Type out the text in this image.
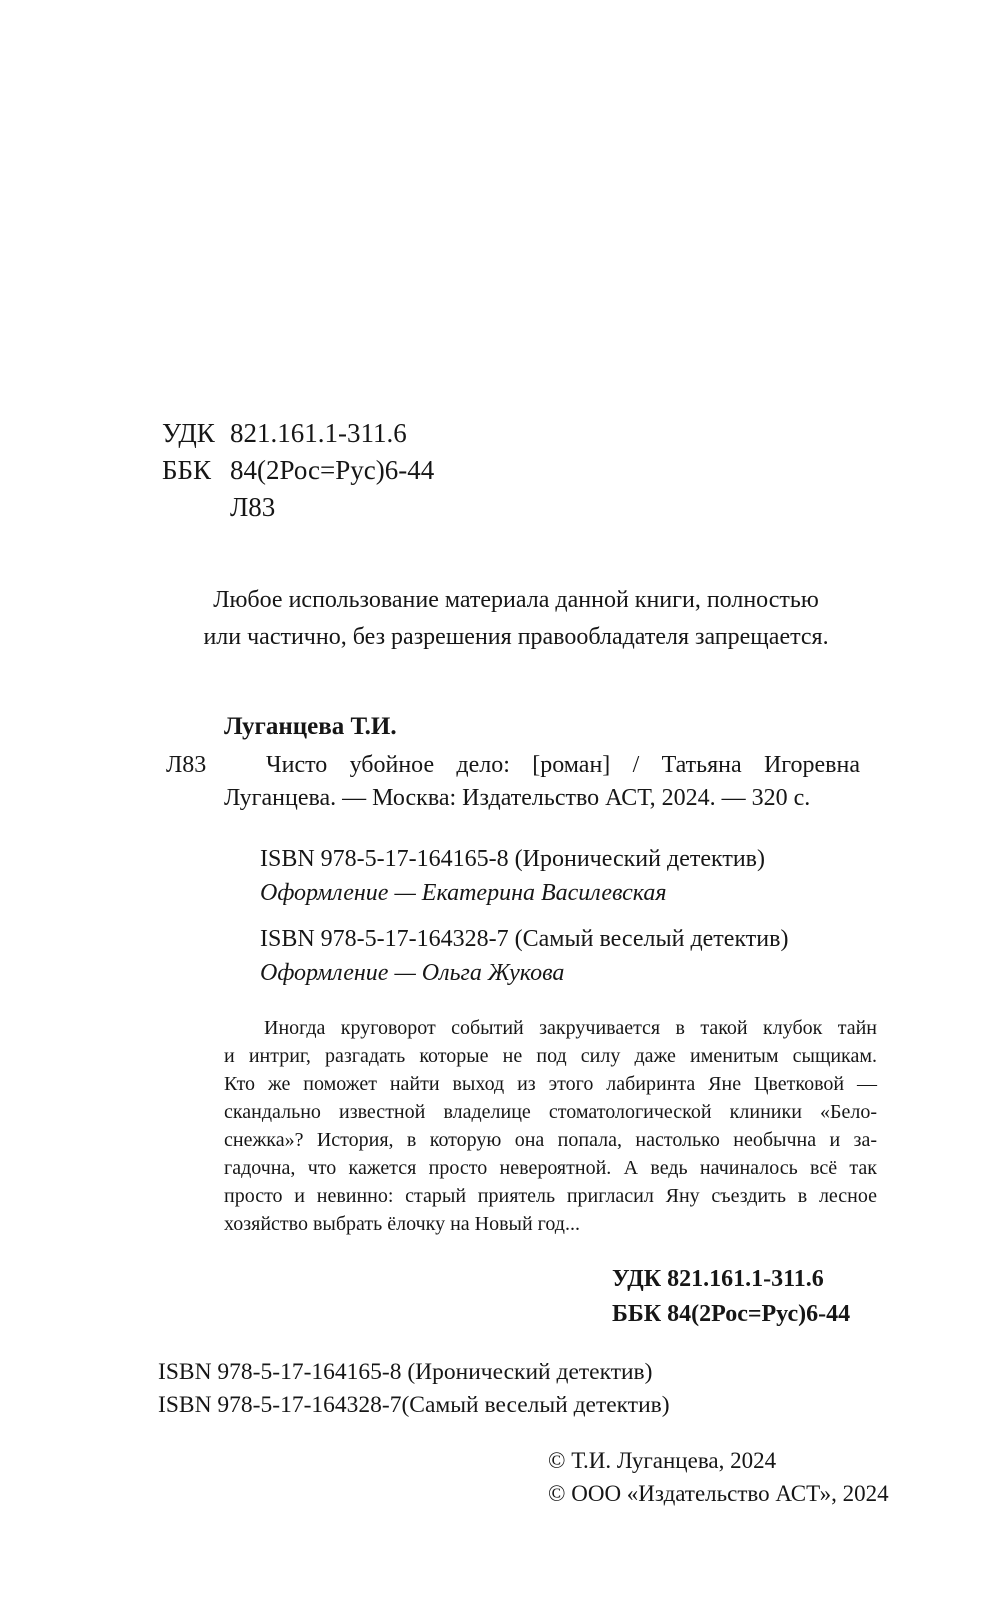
УДК 821.161.1-311.6
ББК 84(2Рос=Рус)6-44
Л83
Любое использование материала данной книги, полностью
или частично, без разрешения правообладателя запрещается.
Луганцева Т.И.
Л83 Чисто убойное дело: [роман] / Татьяна Игоревна
Луганцева. — Москва: Издательство АСТ, 2024. — 320 с.
ISBN 978-5-17-164165-8 (Иронический детектив)
Оформление — Екатерина Василевская
ISBN 978-5-17-164328-7 (Самый веселый детектив)
Оформление — Ольга Жукова
Иногда круговорот событий закручивается в такой клубок тайн
и интриг, разгадать которые не под силу даже именитым сыщикам.
Кто же поможет найти выход из этого лабиринта Яне Цветковой —
скандально известной владелице стоматологической клиники «Бело-
снежка»? История, в которую она попала, настолько необычна и за-
гадочна, что кажется просто невероятной. А ведь начиналось всё так
просто и невинно: старый приятель пригласил Яну съездить в лесное
хозяйство выбрать ёлочку на Новый год...
УДК 821.161.1-311.6
ББК 84(2Рос=Рус)6-44
ISBN 978-5-17-164165-8 (Иронический детектив)
ISBN 978-5-17-164328-7(Самый веселый детектив)
© Т.И. Луганцева, 2024
© ООО «Издательство АСТ», 2024
